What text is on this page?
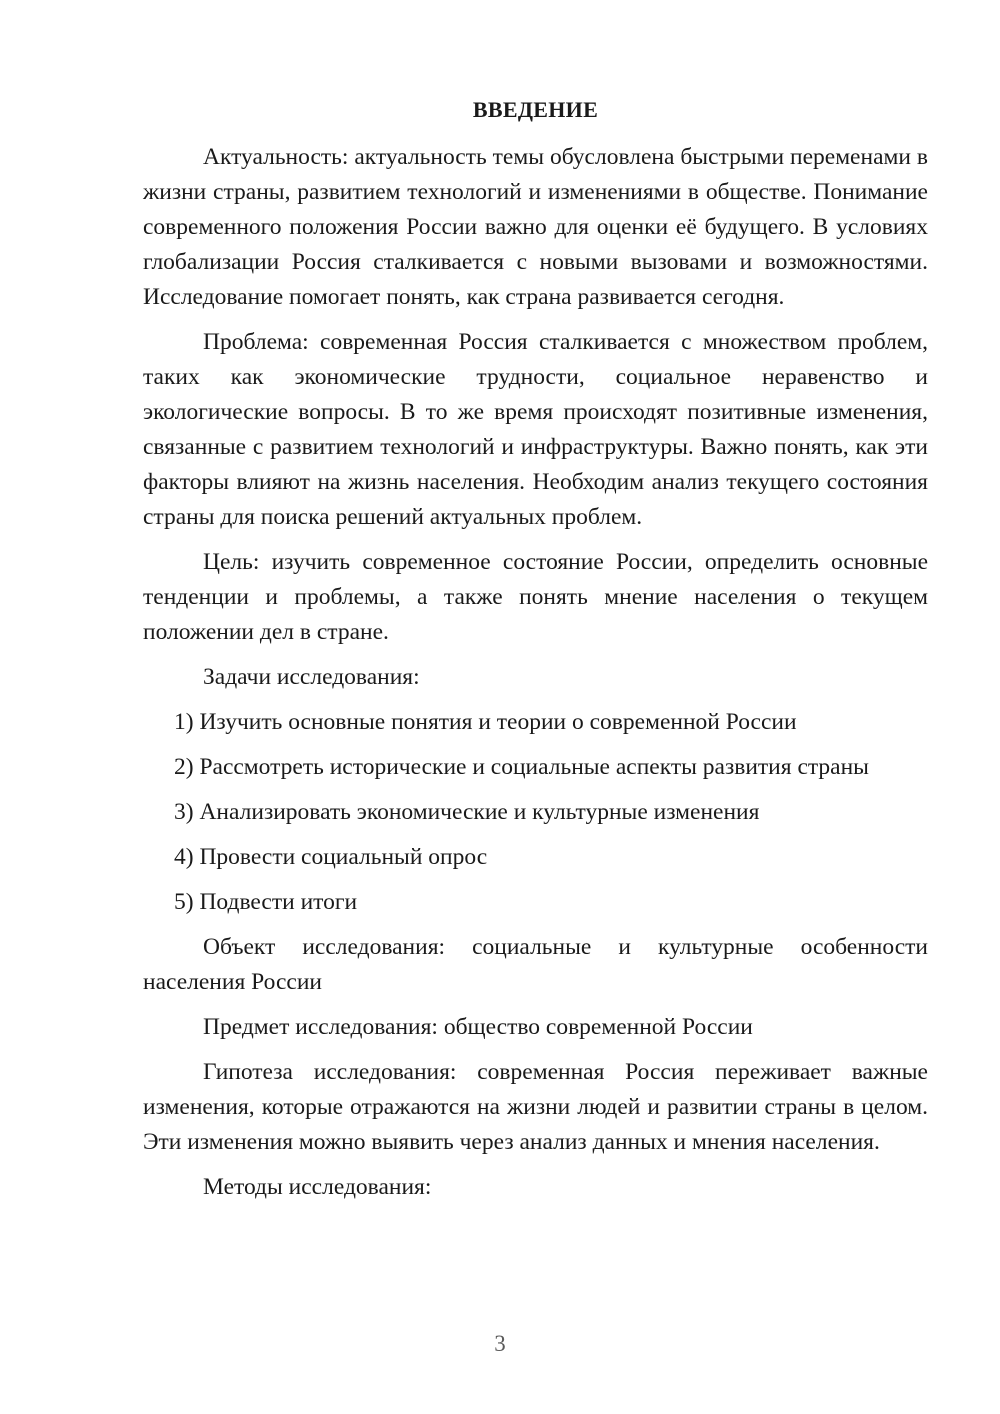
ВВЕДЕНИЕ

Актуальность: актуальность темы обусловлена быстрыми переменами в жизни страны, развитием технологий и изменениями в обществе. Понимание современного положения России важно для оценки её будущего. В условиях глобализации Россия сталкивается с новыми вызовами и возможностями. Исследование помогает понять, как страна развивается сегодня.

Проблема: современная Россия сталкивается с множеством проблем, таких как экономические трудности, социальное неравенство и экологические вопросы. В то же время происходят позитивные изменения, связанные с развитием технологий и инфраструктуры. Важно понять, как эти факторы влияют на жизнь населения. Необходим анализ текущего состояния страны для поиска решений актуальных проблем.

Цель: изучить современное состояние России, определить основные тенденции и проблемы, а также понять мнение населения о текущем положении дел в стране.

Задачи исследования:

1) Изучить основные понятия и теории о современной России
2) Рассмотреть исторические и социальные аспекты развития страны
3) Анализировать экономические и культурные изменения
4) Провести социальный опрос
5) Подвести итоги

Объект исследования: социальные и культурные особенности населения России

Предмет исследования: общество современной России

Гипотеза исследования: современная Россия переживает важные изменения, которые отражаются на жизни людей и развитии страны в целом. Эти изменения можно выявить через анализ данных и мнения населения.

Методы исследования:

3
